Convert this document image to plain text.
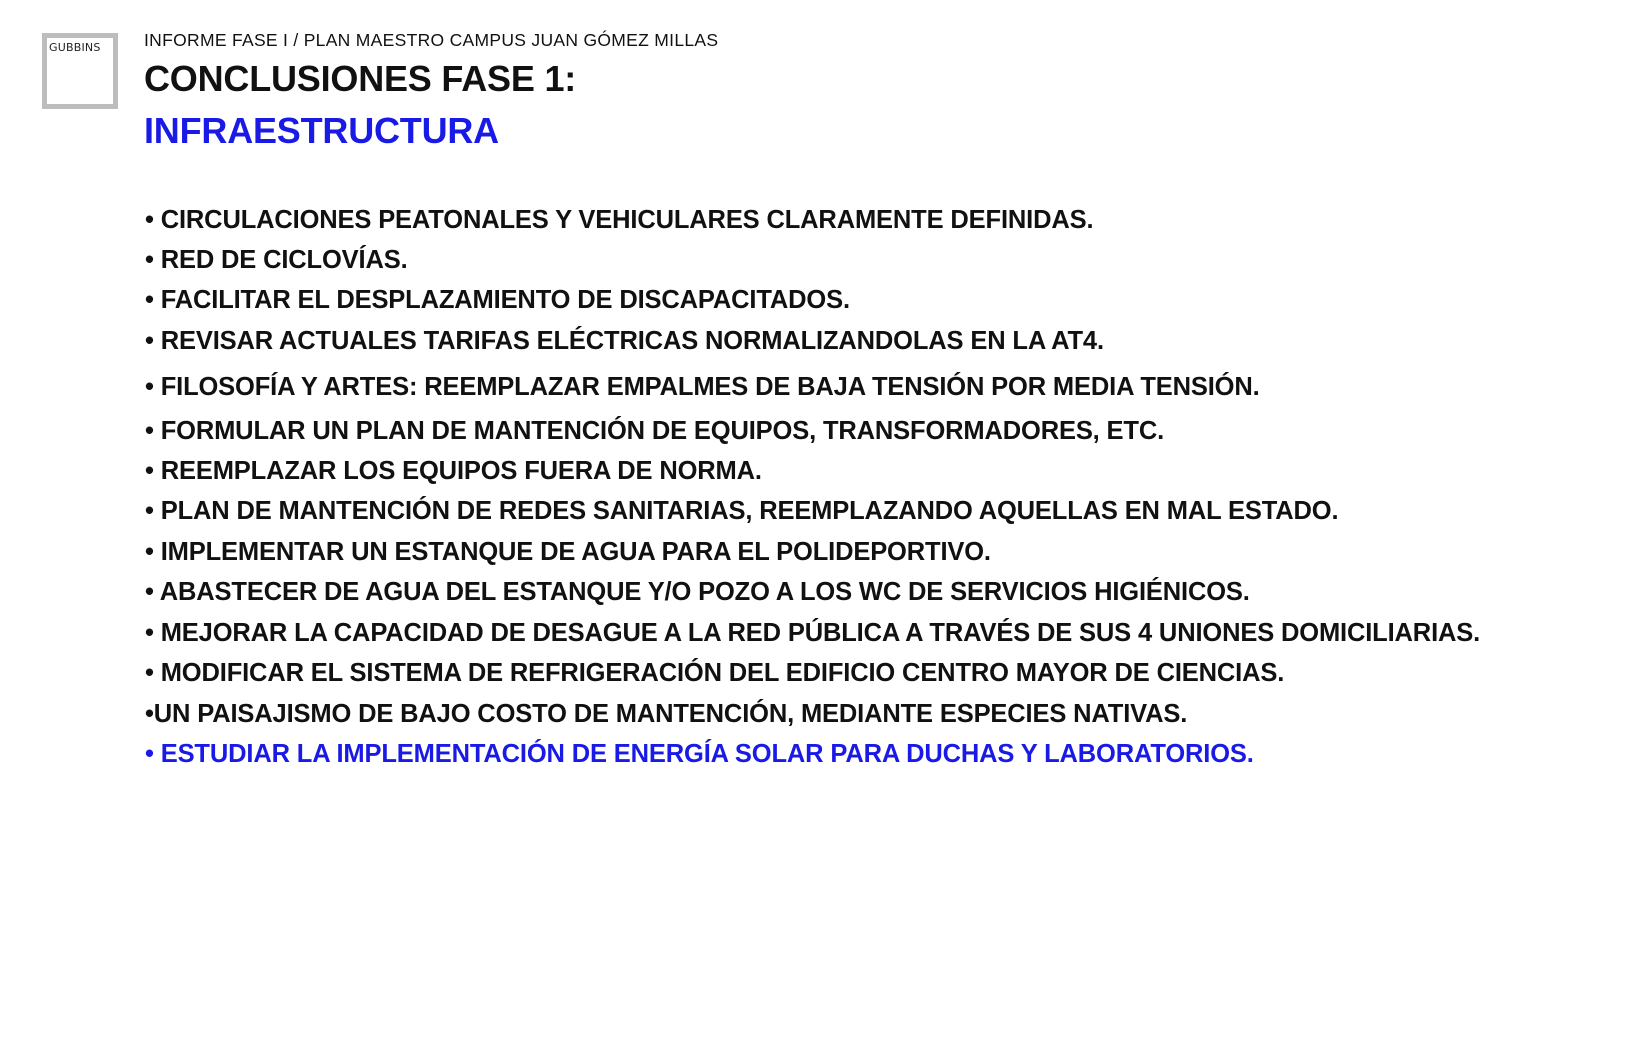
GUBBINS INFORME FASE I / PLAN MAESTRO CAMPUS JUAN GÓMEZ MILLAS
CONCLUSIONES FASE 1:
INFRAESTRUCTURA
• CIRCULACIONES PEATONALES Y VEHICULARES CLARAMENTE DEFINIDAS.
• RED DE CICLOVÍAS.
• FACILITAR EL DESPLAZAMIENTO DE DISCAPACITADOS.
• REVISAR ACTUALES TARIFAS ELÉCTRICAS NORMALIZANDOLAS EN LA AT4.
• FILOSOFÍA Y ARTES: REEMPLAZAR EMPALMES DE BAJA TENSIÓN POR MEDIA TENSIÓN.
• FORMULAR UN PLAN DE MANTENCIÓN DE EQUIPOS, TRANSFORMADORES, ETC.
• REEMPLAZAR LOS EQUIPOS FUERA DE NORMA.
• PLAN DE MANTENCIÓN DE REDES SANITARIAS, REEMPLAZANDO AQUELLAS EN MAL ESTADO.
• IMPLEMENTAR UN ESTANQUE DE AGUA PARA EL POLIDEPORTIVO.
• ABASTECER DE AGUA DEL ESTANQUE Y/O POZO A LOS WC DE SERVICIOS HIGIÉNICOS.
• MEJORAR LA CAPACIDAD DE DESAGUE A LA RED PÚBLICA A TRAVÉS DE SUS 4 UNIONES DOMICILIARIAS.
• MODIFICAR EL SISTEMA DE REFRIGERACIÓN DEL EDIFICIO CENTRO MAYOR DE CIENCIAS.
•UN PAISAJISMO DE BAJO COSTO DE MANTENCIÓN, MEDIANTE ESPECIES NATIVAS.
• ESTUDIAR LA IMPLEMENTACIÓN DE ENERGÍA SOLAR PARA DUCHAS Y LABORATORIOS.
